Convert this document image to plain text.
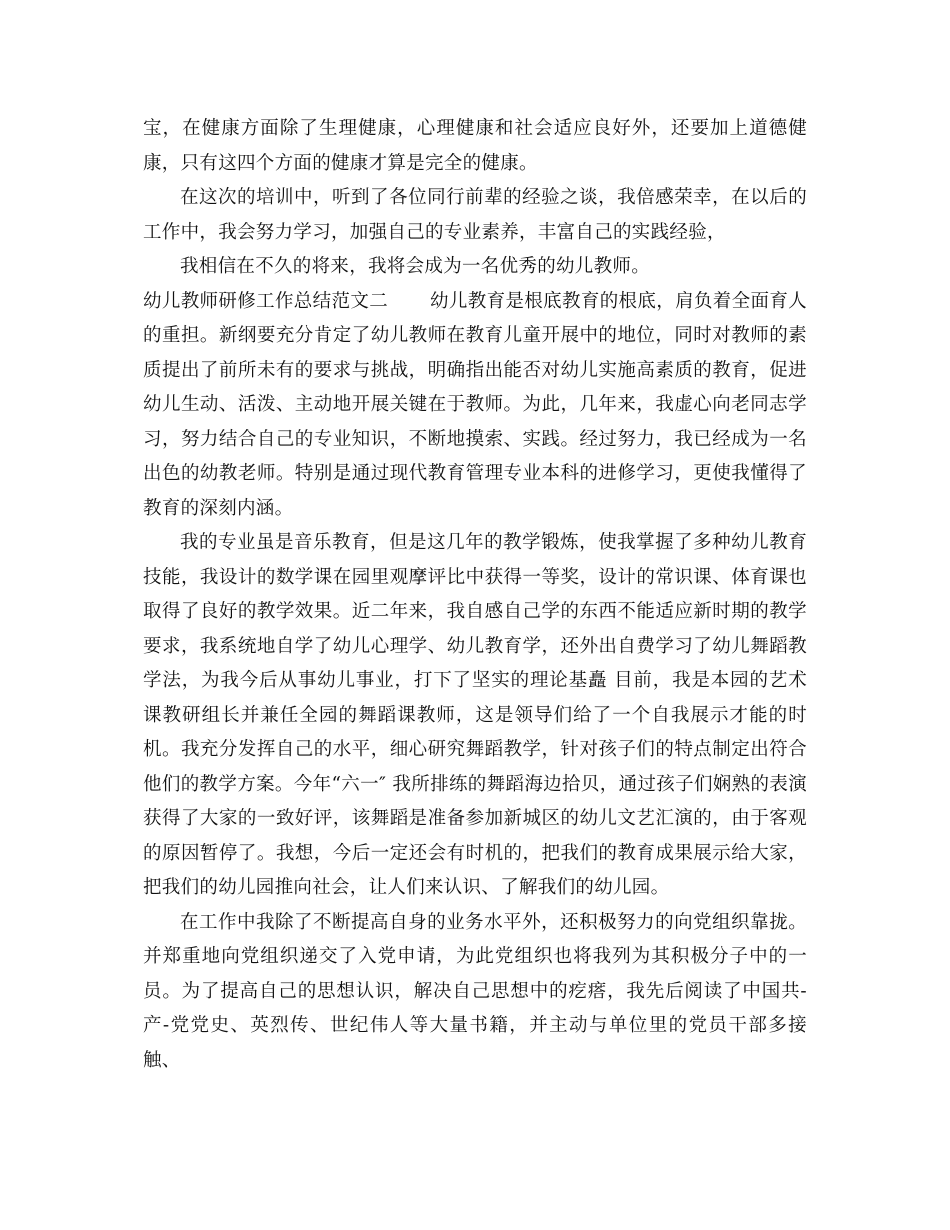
宝，在健康方面除了生理健康，心理健康和社会适应良好外，还要加上道德健康，只有这四个方面的健康才算是完全的健康。

在这次的培训中，听到了各位同行前辈的经验之谈，我倍感荣幸，在以后的工作中，我会努力学习，加强自己的专业素养，丰富自己的实践经验，

我相信在不久的将来，我将会成为一名优秀的幼儿教师。

幼儿教师研修工作总结范文二 幼儿教育是根底教育的根底，肩负着全面育人的重担。新纲要充分肯定了幼儿教师在教育儿童开展中的地位，同时对教师的素质提出了前所未有的要求与挑战，明确指出能否对幼儿实施高素质的教育，促进幼儿生动、活泼、主动地开展关键在于教师。为此，几年来，我虚心向老同志学习，努力结合自己的专业知识，不断地摸索、实践。经过努力，我已经成为一名出色的幼教老师。特别是通过现代教育管理专业本科的进修学习，更使我懂得了教育的深刻内涵。

我的专业虽是音乐教育，但是这几年的教学锻炼，使我掌握了多种幼儿教育技能，我设计的数学课在园里观摩评比中获得一等奖，设计的常识课、体育课也取得了良好的教学效果。近二年来，我自感自己学的东西不能适应新时期的教学要求，我系统地自学了幼儿心理学、幼儿教育学，还外出自费学习了幼儿舞蹈教学法，为我今后从事幼儿事业，打下了坚实的理论基矗 目前，我是本园的艺术课教研组长并兼任全园的舞蹈课教师，这是领导们给了一个自我展示才能的时机。我充分发挥自己的水平，细心研究舞蹈教学，针对孩子们的特点制定出符合他们的教学方案。今年“六一″ 我所排练的舞蹈海边拾贝，通过孩子们娴熟的表演获得了大家的一致好评，该舞蹈是准备参加新城区的幼儿文艺汇演的，由于客观的原因暂停了。我想，今后一定还会有时机的，把我们的教育成果展示给大家，把我们的幼儿园推向社会，让人们来认识、了解我们的幼儿园。

在工作中我除了不断提高自身的业务水平外，还积极努力的向党组织靠拢。并郑重地向党组织递交了入党申请，为此党组织也将我列为其积极分子中的一员。为了提高自己的思想认识，解决自己思想中的疙瘩，我先后阅读了中国共-产-党党史、英烈传、世纪伟人等大量书籍，并主动与单位里的党员干部多接触、
